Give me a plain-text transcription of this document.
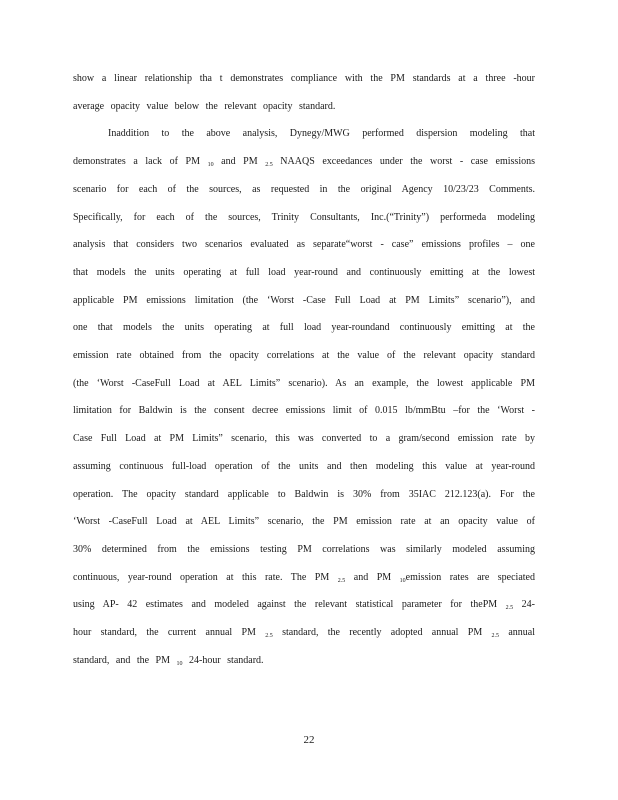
show a linear relationship tha t demonstrates compliance with the PM standards at a three -hour
average opacity value below the relevant opacity standard.
Inaddition to the above analysis, Dynegy/MWG performed dispersion modeling that
demonstrates a lack of PM $_{10}$ and PM $_{2.5}$ NAAQS exceedances under the worst - case emissions
scenario for each of the sources, as requested in the original Agency 10/23/23 Comments.
Specifically, for each of the sources, Trinity Consultants, Inc.(“Trinity”) performeda modeling
analysis that considers two scenarios evaluated as separate“worst - case” emissions profiles – one
that models the units operating at full load year-round and continuously emitting at the lowest
applicable PM emissions limitation (the ‘Worst -Case Full Load at PM Limits” scenario”), and
one that models the units operating at full load year-roundand continuously emitting at the
emission rate obtained from the opacity correlations at the value of the relevant opacity standard
(the ‘Worst -CaseFull Load at AEL Limits” scenario). As an example, the lowest applicable PM
limitation for Baldwin is the consent decree emissions limit of 0.015 lb/mmBtu –for the ‘Worst -
Case Full Load at PM Limits” scenario, this was converted to a gram/second emission rate by
assuming continuous full-load operation of the units and then modeling this value at year-round
operation. The opacity standard applicable to Baldwin is 30% from 35IAC 212.123(a). For the
‘Worst -CaseFull Load at AEL Limits” scenario, the PM emission rate at an opacity value of
30% determined from the emissions testing PM correlations was similarly modeled assuming
continuous, year-round operation at this rate. The PM $_{2.5}$ and PM $_{10}$emission rates are speciated
using AP- 42 estimates and modeled against the relevant statistical parameter for thePM $_{2.5}$ 24-
hour standard, the current annual PM $_{2.5}$ standard, the recently adopted annual PM $_{2.5}$ annual
standard, and the PM $_{10}$ 24-hour standard.
22
